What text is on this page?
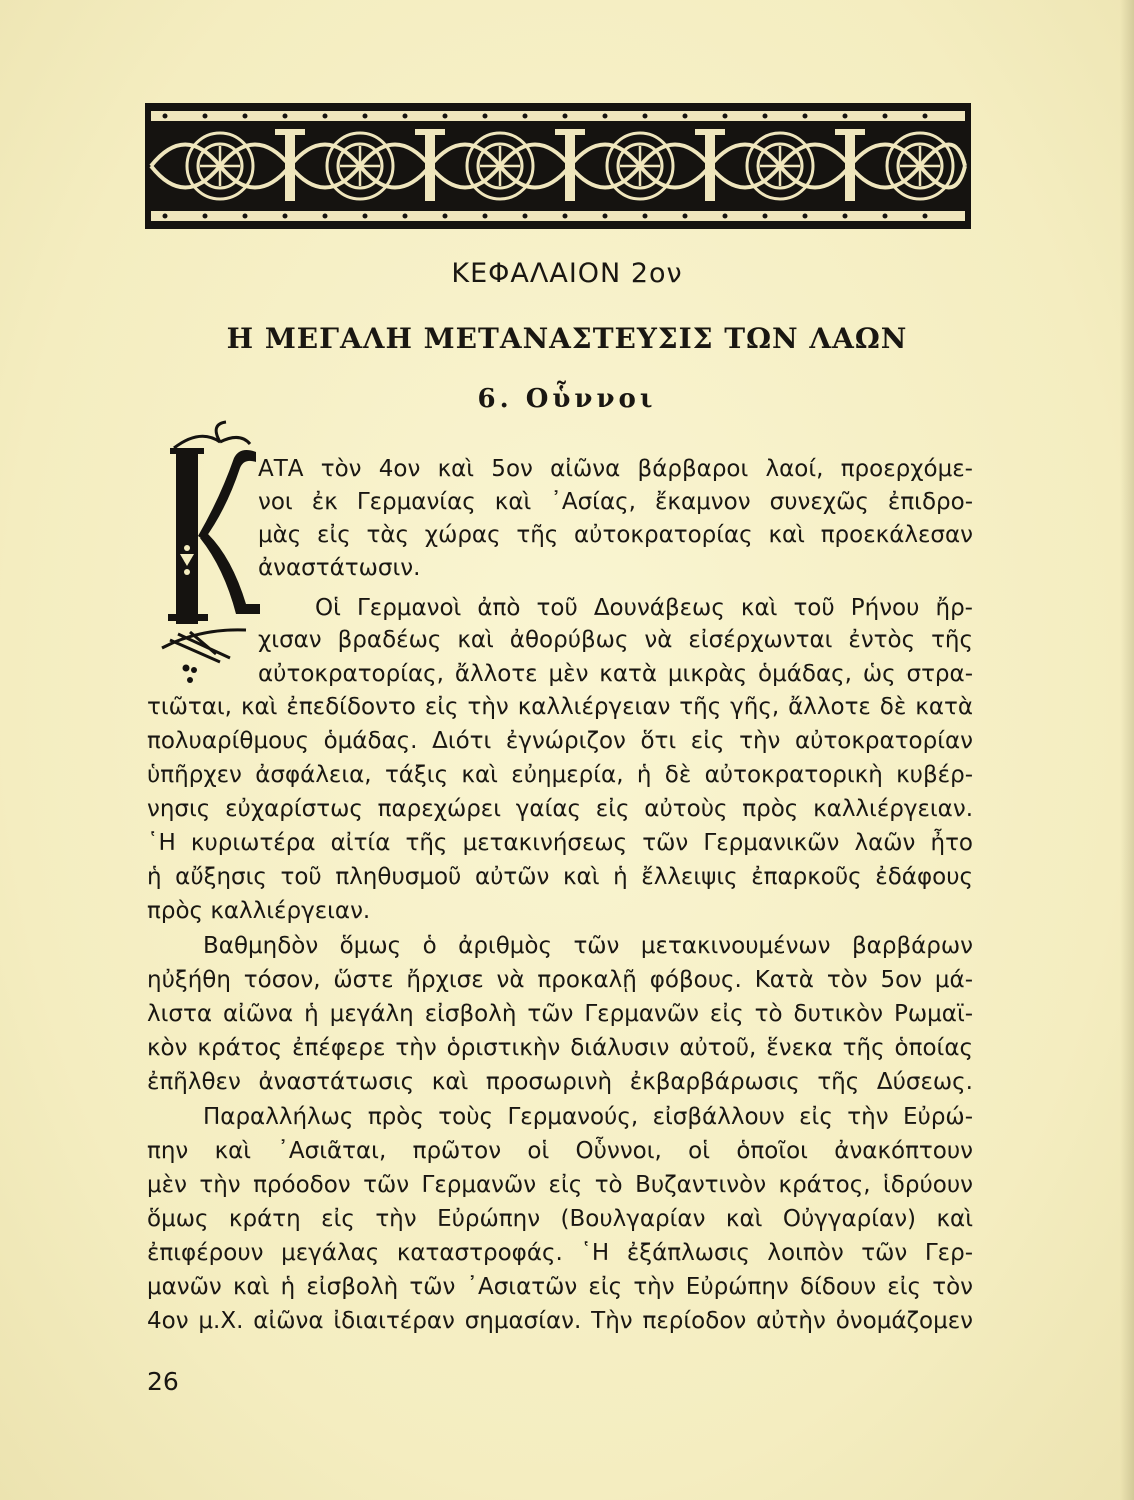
ΚΕΦΑΛΑΙΟΝ 2ον
Η ΜΕΓΑΛΗ ΜΕΤΑΝΑΣΤΕΥΣΙΣ ΤΩΝ ΛΑΩΝ
6. Οὗννοι
ΑΤΑ τὸν 4ον καὶ 5ον αἰῶνα βάρβαροι λαοί, προερχόμε-
νοι ἐκ Γερμανίας καὶ ᾿Ασίας, ἔκαμνον συνεχῶς ἐπιδρο-
μὰς εἰς τὰς χώρας τῆς αὐτοκρατορίας καὶ προεκάλεσαν
ἀναστάτωσιν.
Οἱ Γερμανοὶ ἀπὸ τοῦ Δουνάβεως καὶ τοῦ Ρήνου ἤρ-
χισαν βραδέως καὶ ἀθορύβως νὰ εἰσέρχωνται ἐντὸς τῆς
αὐτοκρατορίας, ἄλλοτε μὲν κατὰ μικρὰς ὁμάδας, ὡς στρα-
τιῶται, καὶ ἐπεδίδοντο εἰς τὴν καλλιέργειαν τῆς γῆς, ἄλλοτε δὲ κατὰ
πολυαρίθμους ὁμάδας. Διότι ἐγνώριζον ὅτι εἰς τὴν αὐτοκρατορίαν
ὑπῆρχεν ἀσφάλεια, τάξις καὶ εὐημερία, ἡ δὲ αὐτοκρατορικὴ κυβέρ-
νησις εὐχαρίστως παρεχώρει γαίας εἰς αὐτοὺς πρὸς καλλιέργειαν.
῾Η κυριωτέρα αἰτία τῆς μετακινήσεως τῶν Γερμανικῶν λαῶν ἦτο
ἡ αὔξησις τοῦ πληθυσμοῦ αὐτῶν καὶ ἡ ἔλλειψις ἐπαρκοῦς ἐδάφους
πρὸς καλλιέργειαν.
Βαθμηδὸν ὅμως ὁ ἀριθμὸς τῶν μετακινουμένων βαρβάρων
ηὐξήθη τόσον, ὥστε ἤρχισε νὰ προκαλῇ φόβους. Κατὰ τὸν 5ον μά-
λιστα αἰῶνα ἡ μεγάλη εἰσβολὴ τῶν Γερμανῶν εἰς τὸ δυτικὸν Ρωμαϊ-
κὸν κράτος ἐπέφερε τὴν ὁριστικὴν διάλυσιν αὐτοῦ, ἕνεκα τῆς ὁποίας
ἐπῆλθεν ἀναστάτωσις καὶ προσωρινὴ ἐκβαρβάρωσις τῆς Δύσεως.
Παραλλήλως πρὸς τοὺς Γερμανούς, εἰσβάλλουν εἰς τὴν Εὐρώ-
πην καὶ ᾿Ασιᾶται, πρῶτον οἱ Οὗννοι, οἱ ὁποῖοι ἀνακόπτουν
μὲν τὴν πρόοδον τῶν Γερμανῶν εἰς τὸ Βυζαντινὸν κράτος, ἱδρύουν
ὅμως κράτη εἰς τὴν Εὐρώπην (Βουλγαρίαν καὶ Οὐγγαρίαν) καὶ
ἐπιφέρουν μεγάλας καταστροφάς. ῾Η ἐξάπλωσις λοιπὸν τῶν Γερ-
μανῶν καὶ ἡ εἰσβολὴ τῶν ᾿Ασιατῶν εἰς τὴν Εὐρώπην δίδουν εἰς τὸν
4ον μ.Χ. αἰῶνα ἰδιαιτέραν σημασίαν. Τὴν περίοδον αὐτὴν ὀνομάζομεν
26
